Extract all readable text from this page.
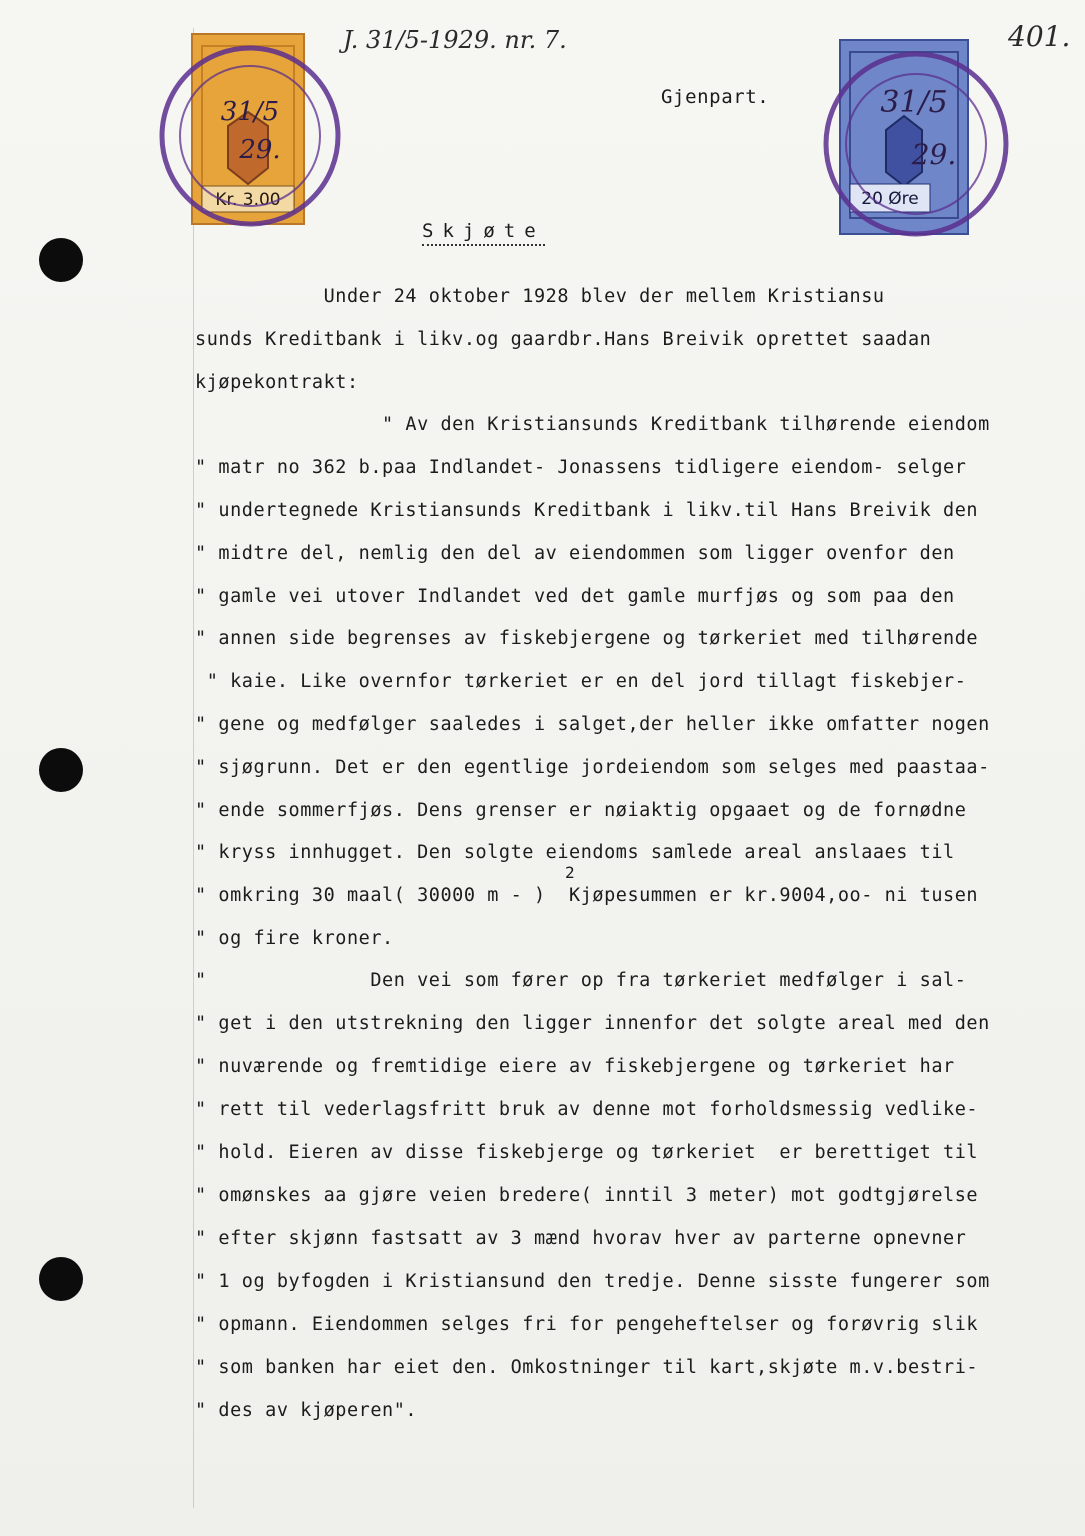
Kr. 3.00
31/5
29.
20 Øre
31/5
29.
J. 31/5-1929. nr. 7.	401.
Gjenpart.
Skjøte
Under 24 oktober 1928 blev der mellem Kristiansu
sunds Kreditbank i likv.og gaardbr.Hans Breivik oprettet saadan
kjøpekontrakt:
" Av den Kristiansunds Kreditbank tilhørende eiendom
" matr no 362 b.paa Indlandet- Jonassens tidligere eiendom- selger
" undertegnede Kristiansunds Kreditbank i likv.til Hans Breivik den
" midtre del, nemlig den del av eiendommen som ligger ovenfor den
" gamle vei utover Indlandet ved det gamle murfjøs og som paa den
" annen side begrenses av fiskebjergene og tørkeriet med tilhørende
" kaie. Like overnfor tørkeriet er en del jord tillagt fiskebjer-
" gene og medfølger saaledes i salget,der heller ikke omfatter nogen
" sjøgrunn. Det er den egentlige jordeiendom som selges med paastaa-
" ende sommerfjøs. Dens grenser er nøiaktig opgaaet og de fornødne
" kryss innhugget. Den solgte eiendoms samlede areal anslaaes til
" omkring 30 maal( 30000 m - )  Kjøpesummen er kr.9004,oo- ni tusen
" og fire kroner.
"              Den vei som fører op fra tørkeriet medfølger i sal-
" get i den utstrekning den ligger innenfor det solgte areal med den
" nuværende og fremtidige eiere av fiskebjergene og tørkeriet har
" rett til vederlagsfritt bruk av denne mot forholdsmessig vedlike-
" hold. Eieren av disse fiskebjerge og tørkeriet  er berettiget til
" omønskes aa gjøre veien bredere( inntil 3 meter) mot godtgjørelse
" efter skjønn fastsatt av 3 mænd hvorav hver av parterne opnevner
" 1 og byfogden i Kristiansund den tredje. Denne sisste fungerer som
" opmann. Eiendommen selges fri for pengeheftelser og forøvrig slik
" som banken har eiet den. Omkostninger til kart,skjøte m.v.bestri-
" des av kjøperen".
2
